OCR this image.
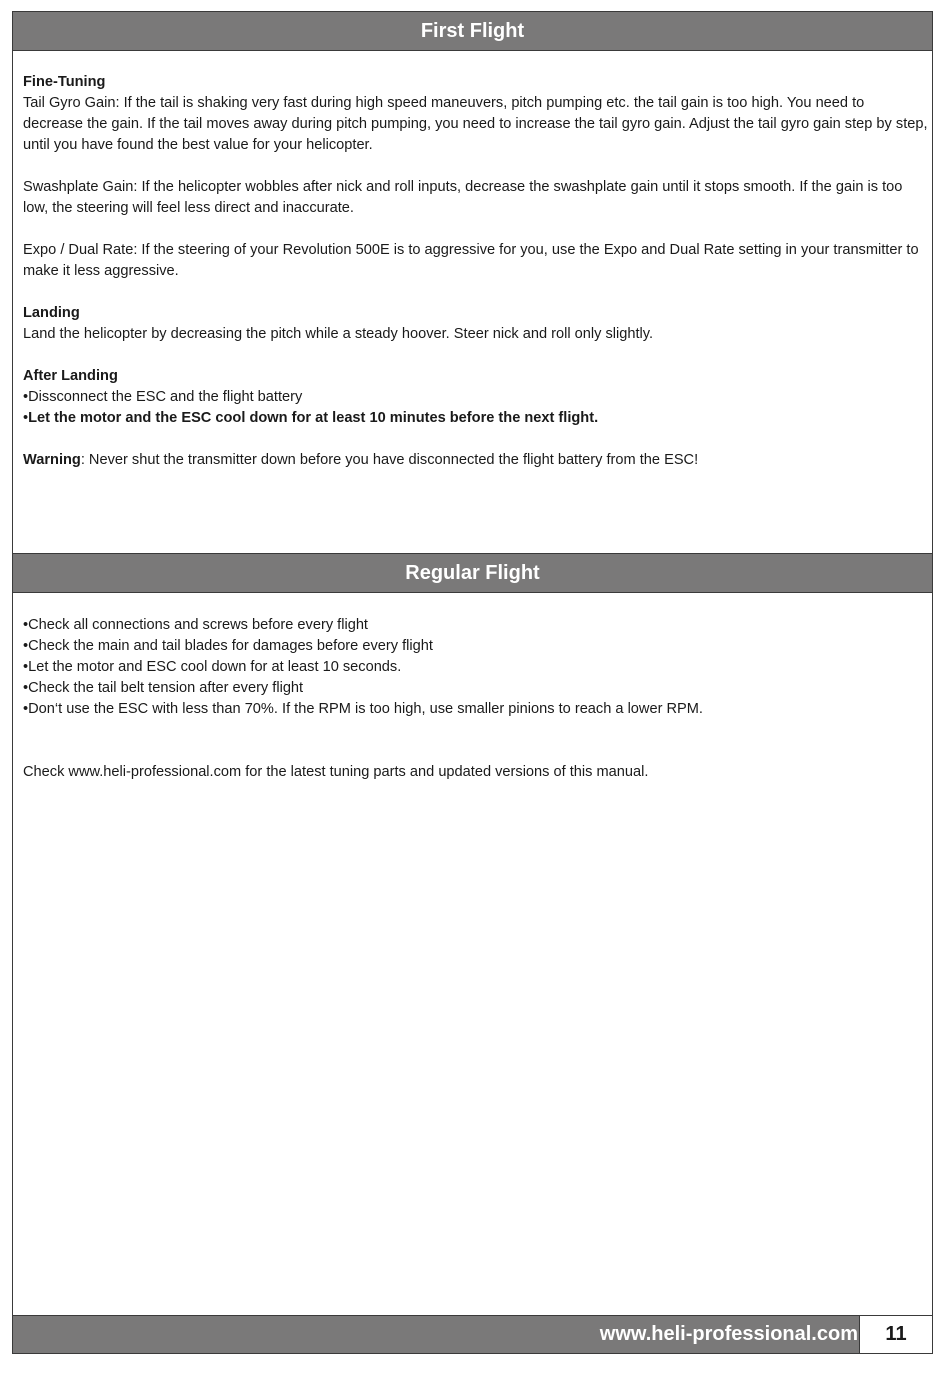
First Flight

Fine-Tuning

Tail Gyro Gain: If the tail is shaking very fast during high speed maneuvers, pitch pumping etc. the tail gain is too high. You need to decrease the gain. If the tail moves away during pitch pumping, you need to increase the tail gyro gain. Adjust the tail gyro gain step by step, until you have found the best value for your helicopter.

Swashplate Gain: If the helicopter wobbles after nick and roll inputs, decrease the swashplate gain until it stops smooth. If the gain is too low, the steering will feel less direct and inaccurate.

Expo / Dual Rate: If the steering of your Revolution 500E is to aggressive for you, use the Expo and Dual Rate setting in your transmitter to make it less aggressive.

Landing

Land the helicopter by decreasing the pitch while a steady hoover. Steer nick and roll only slightly.

After Landing

•Dissconnect the ESC and the flight battery

•Let the motor and the ESC cool down for at least 10 minutes before the next flight.

Warning: Never shut the transmitter down before you have disconnected the flight battery from the ESC!

Regular Flight

•Check all connections and screws before every flight

•Check the main and tail blades for damages before every flight

•Let the motor and ESC cool down for at least 10 seconds.

•Check the tail belt tension after every flight

•Don‘t use the ESC with less than 70%. If the RPM is too high, use smaller pinions to reach a lower RPM.

Check www.heli-professional.com for the latest tuning parts and updated versions of this manual.

www.heli-professional.com	11
